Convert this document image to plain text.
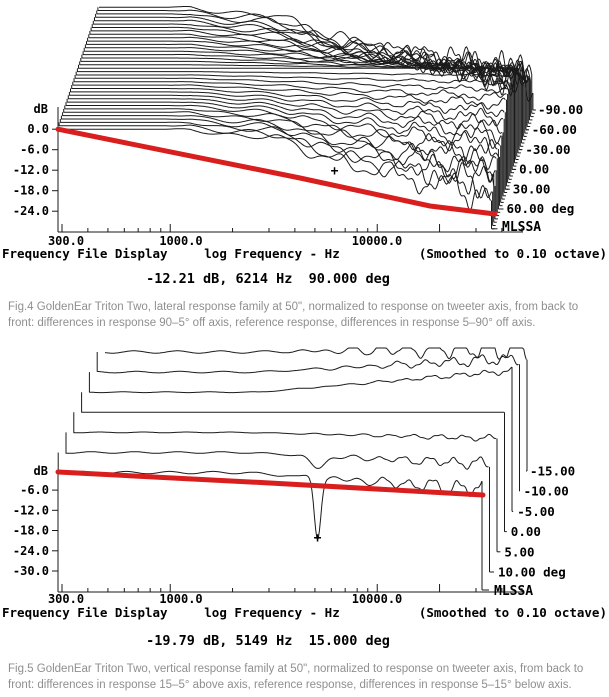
-90.00
-60.00
-30.00
0.00
30.00
60.00 deg
0.0
-6.0
-12.0
-18.0
-24.0
300.0	1000.0	10000.0
dB
+
MLSSA
Frequency File Display	log Frequency - Hz	(Smoothed to 0.10 octave)
-12.21 dB, 6214 Hz  90.000 deg
Fig.4 GoldenEar Triton Two, lateral response family at 50", normalized to response on tweeter axis, from back to front: differences in response 90–5° off axis, reference response, differences in response 5–90° off axis.
-15.00
-10.00
-5.00
0.00
5.00
10.00 deg
-6.0
-12.0
-18.0
-24.0
-30.0
300.0	1000.0	10000.0
dB
+
MLSSA
Frequency File Display	log Frequency - Hz	(Smoothed to 0.10 octave)
-19.79 dB, 5149 Hz  15.000 deg
Fig.5 GoldenEar Triton Two, vertical response family at 50", normalized to response on tweeter axis, from back to front: differences in response 15–5° above axis, reference response, differences in response 5–15° below axis.
